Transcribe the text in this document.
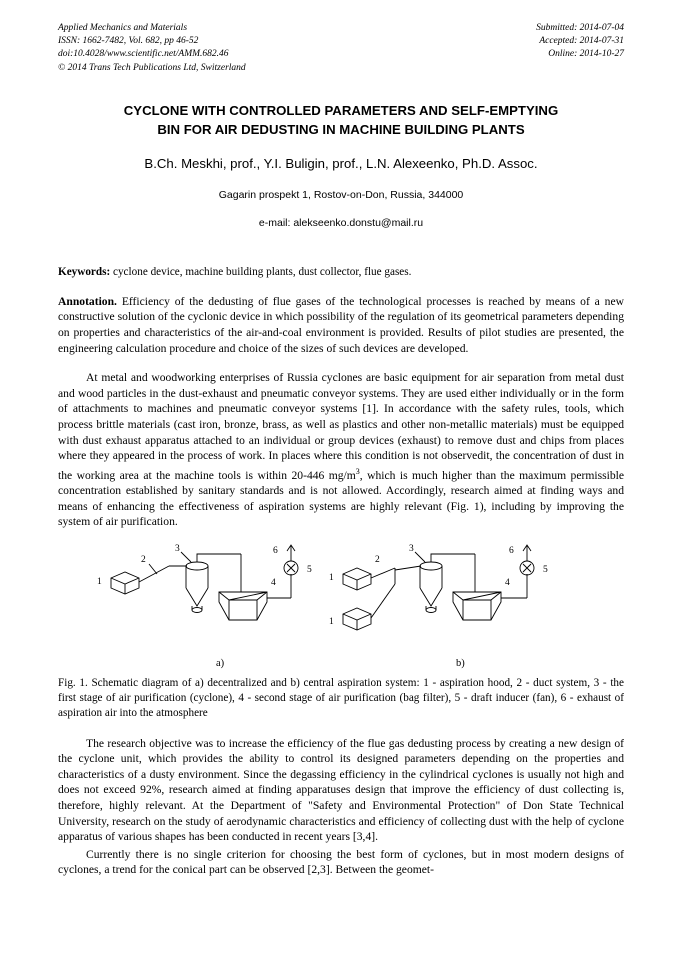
Applied Mechanics and Materials
ISSN: 1662-7482, Vol. 682, pp 46-52
doi:10.4028/www.scientific.net/AMM.682.46
© 2014 Trans Tech Publications Ltd, Switzerland
Submitted: 2014-07-04
Accepted: 2014-07-31
Online: 2014-10-27
CYCLONE WITH CONTROLLED PARAMETERS AND SELF-EMPTYING
BIN FOR AIR DEDUSTING IN MACHINE BUILDING PLANTS
B.Ch. Meskhi, prof., Y.I. Buligin, prof., L.N. Alexeenko, Ph.D. Assoc.
Gagarin prospekt 1, Rostov-on-Don, Russia, 344000
e-mail: alekseenko.donstu@mail.ru
Keywords: cyclone device, machine building plants, dust collector, flue gases.
Annotation. Efficiency of the dedusting of flue gases of the technological processes is reached by means of a new constructive solution of the cyclonic device in which possibility of the regulation of its geometrical parameters depending on properties and characteristics of the air-and-coal environment is provided. Results of pilot studies are presented, the engineering calculation procedure and choice of the sizes of such devices are developed.
At metal and woodworking enterprises of Russia cyclones are basic equipment for air separation from metal dust and wood particles in the dust-exhaust and pneumatic conveyor systems. They are used either individually or in the form of attachments to machines and pneumatic conveyor systems [1]. In accordance with the safety rules, tools, which process brittle materials (cast iron, bronze, brass, as well as plastics and other non-metallic materials) must be equipped with dust exhaust apparatus attached to an individual or group devices (exhaust) to remove dust and chips from places where they appeared in the process of work. In places where this condition is not observedit, the concentration of dust in the working area at the machine tools is within 20-446 $mg/m^3$, which is much higher than the maximum permissible concentration established by sanitary standards and is not allowed. Accordingly, research aimed at finding ways and means of enhancing the effectiveness of aspiration systems are highly relevant (Fig. 1), including by improving the system of air purification.
1
2
3
4
5
6
1
1
2
3
4
5
6
a)	b)
Fig. 1. Schematic diagram of a) decentralized and b) central aspiration system: 1 - aspiration hood, 2 - duct system, 3 - the first stage of air purification (cyclone), 4 - second stage of air purification (bag filter), 5 - draft inducer (fan), 6 - exhaust of aspiration air into the atmosphere
The research objective was to increase the efficiency of the flue gas dedusting process by creating a new design of the cyclone unit, which provides the ability to control its designed parameters depending on the properties and characteristics of a dusty environment. Since the degassing efficiency in the cylindrical cyclones is usually not high and does not exceed 92%, research aimed at finding apparatuses design that improve the efficiency of dust collecting is, therefore, highly relevant. At the Department of "Safety and Environmental Protection" of Don State Technical University, research on the study of aerodynamic characteristics and efficiency of collecting dust with the help of cyclone apparatus of various shapes has been conducted in recent years [3,4].
Currently there is no single criterion for choosing the best form of cyclones, but in most modern designs of cyclones, a trend for the conical part can be observed [2,3]. Between the geomet-
